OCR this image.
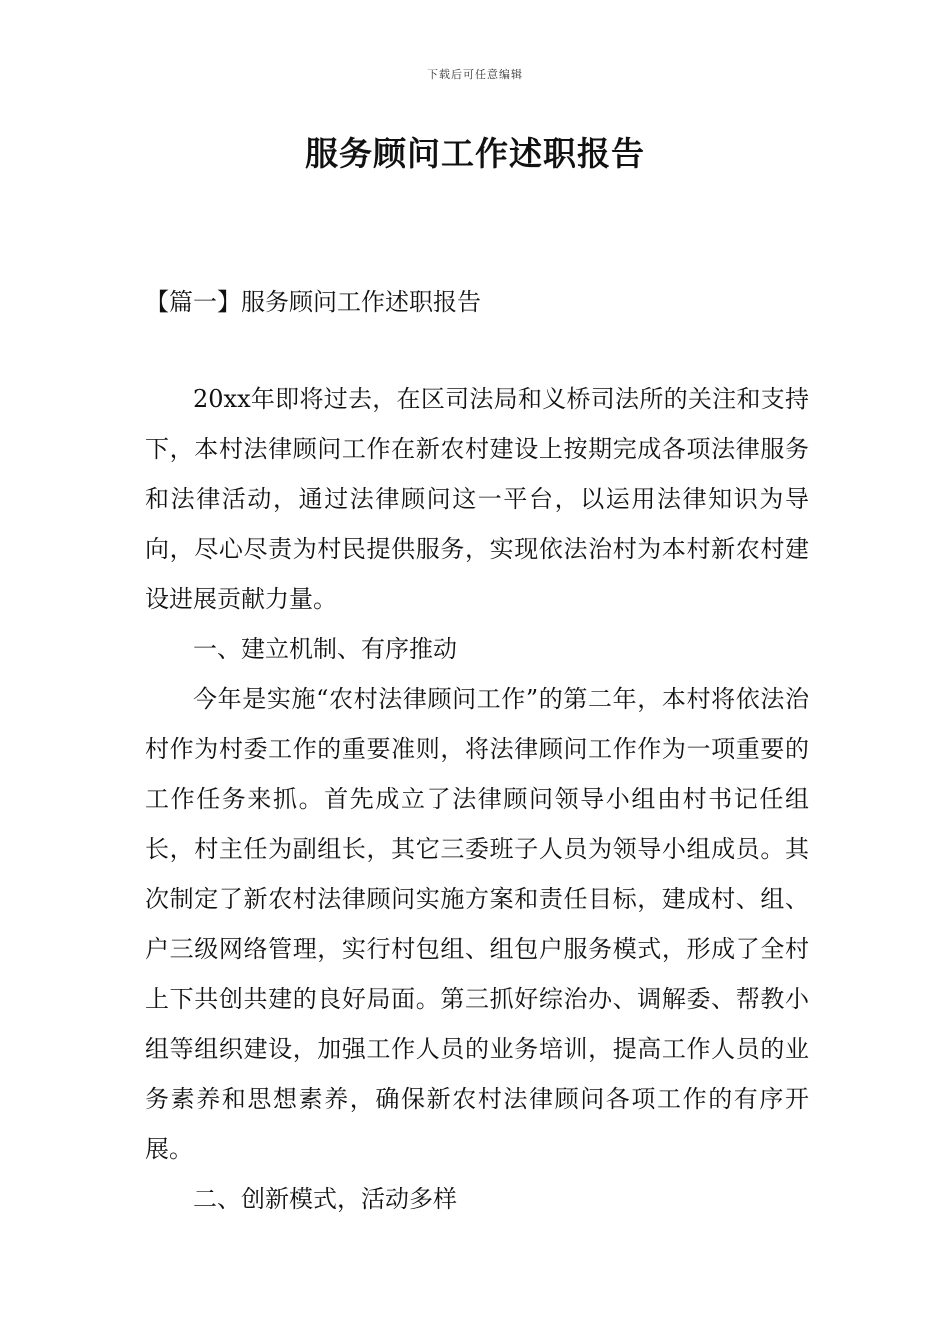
下载后可任意编辑
服务顾问工作述职报告
【篇一】服务顾问工作述职报告

20xx年即将过去，在区司法局和义桥司法所的关注和支持下，本村法律顾问工作在新农村建设上按期完成各项法律服务和法律活动，通过法律顾问这一平台，以运用法律知识为导向，尽心尽责为村民提供服务，实现依法治村为本村新农村建设进展贡献力量。

一、建立机制、有序推动

今年是实施“农村法律顾问工作”的第二年，本村将依法治村作为村委工作的重要准则，将法律顾问工作作为一项重要的工作任务来抓。首先成立了法律顾问领导小组由村书记任组长，村主任为副组长，其它三委班子人员为领导小组成员。其次制定了新农村法律顾问实施方案和责任目标，建成村、组、户三级网络管理，实行村包组、组包户服务模式，形成了全村上下共创共建的良好局面。第三抓好综治办、调解委、帮教小组等组织建设，加强工作人员的业务培训，提高工作人员的业务素养和思想素养，确保新农村法律顾问各项工作的有序开展。

二、创新模式，活动多样
